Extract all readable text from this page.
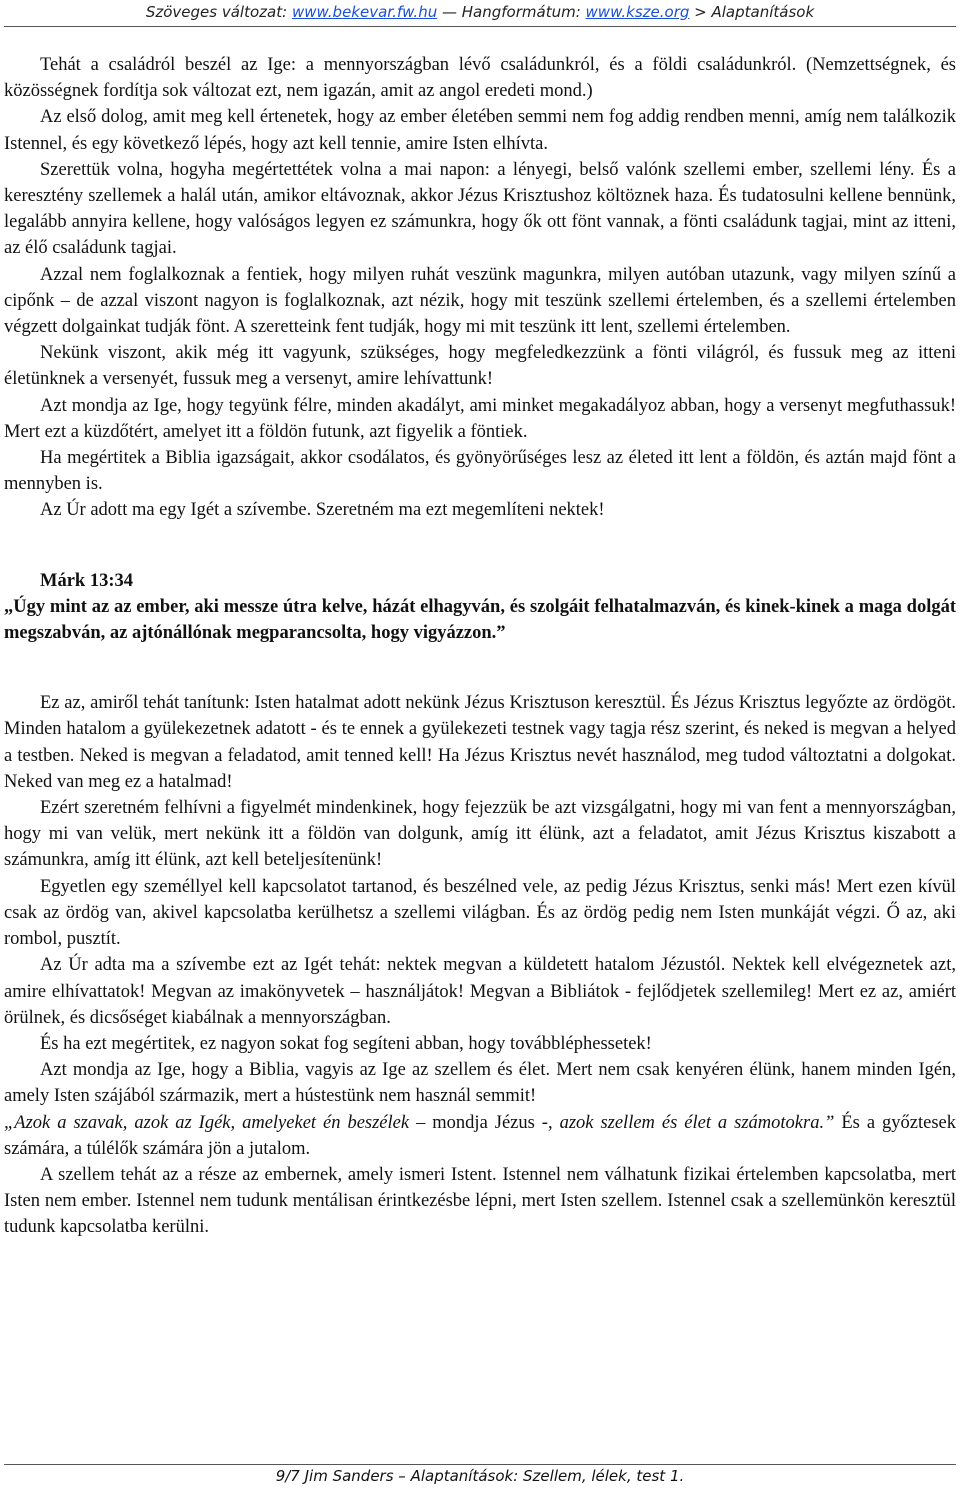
Szöveges változat: www.bekevar.fw.hu — Hangformátum: www.ksze.org > Alaptanítások

Tehát a családról beszél az Ige: a mennyországban lévő családunkról, és a földi családunkról. (Nemzettségnek, és közösségnek fordítja sok változat ezt, nem igazán, amit az angol eredeti mond.)

Az első dolog, amit meg kell értenetek, hogy az ember életében semmi nem fog addig rendben menni, amíg nem találkozik Istennel, és egy következő lépés, hogy azt kell tennie, amire Isten elhívta.

Szerettük volna, hogyha megértettétek volna a mai napon: a lényegi, belső valónk szellemi ember, szellemi lény. És a keresztény szellemek a halál után, amikor eltávoznak, akkor Jézus Krisztushoz költöznek haza. És tudatosulni kellene bennünk, legalább annyira kellene, hogy valóságos legyen ez számunkra, hogy ők ott fönt vannak, a fönti családunk tagjai, mint az itteni, az élő családunk tagjai.

Azzal nem foglalkoznak a fentiek, hogy milyen ruhát veszünk magunkra, milyen autóban utazunk, vagy milyen színű a cipőnk – de azzal viszont nagyon is foglalkoznak, azt nézik, hogy mit teszünk szellemi értelemben, és a szellemi értelemben végzett dolgainkat tudják fönt. A szeretteink fent tudják, hogy mi mit teszünk itt lent, szellemi értelemben.

Nekünk viszont, akik még itt vagyunk, szükséges, hogy megfeledkezzünk a fönti világról, és fussuk meg az itteni életünknek a versenyét, fussuk meg a versenyt, amire lehívattunk!

Azt mondja az Ige, hogy tegyünk félre, minden akadályt, ami minket megakadályoz abban, hogy a versenyt megfuthassuk! Mert ezt a küzdőtért, amelyet itt a földön futunk, azt figyelik a föntiek.

Ha megértitek a Biblia igazságait, akkor csodálatos, és gyönyörűséges lesz az életed itt lent a földön, és aztán majd fönt a mennyben is.

Az Úr adott ma egy Igét a szívembe. Szeretném ma ezt megemlíteni nektek!

Márk 13:34

„Úgy mint az az ember, aki messze útra kelve, házát elhagyván, és szolgáit felhatalmazván, és kinek-kinek a maga dolgát megszabván, az ajtónállónak megparancsolta, hogy vigyázzon.”

Ez az, amiről tehát tanítunk: Isten hatalmat adott nekünk Jézus Krisztuson keresztül. És Jézus Krisztus legyőzte az ördögöt. Minden hatalom a gyülekezetnek adatott - és te ennek a gyülekezeti testnek vagy tagja rész szerint, és neked is megvan a helyed a testben. Neked is megvan a feladatod, amit tenned kell! Ha Jézus Krisztus nevét használod, meg tudod változtatni a dolgokat. Neked van meg ez a hatalmad!

Ezért szeretném felhívni a figyelmét mindenkinek, hogy fejezzük be azt vizsgálgatni, hogy mi van fent a mennyországban, hogy mi van velük, mert nekünk itt a földön van dolgunk, amíg itt élünk, azt a feladatot, amit Jézus Krisztus kiszabott a számunkra, amíg itt élünk, azt kell beteljesítenünk!

Egyetlen egy személlyel kell kapcsolatot tartanod, és beszélned vele, az pedig Jézus Krisztus, senki más! Mert ezen kívül csak az ördög van, akivel kapcsolatba kerülhetsz a szellemi világban. És az ördög pedig nem Isten munkáját végzi. Ő az, aki rombol, pusztít.

Az Úr adta ma a szívembe ezt az Igét tehát: nektek megvan a küldetett hatalom Jézustól. Nektek kell elvégeznetek azt, amire elhívattatok! Megvan az imakönyvetek – használjátok! Megvan a Bibliátok - fejlődjetek szellemileg! Mert ez az, amiért örülnek, és dicsőséget kiabálnak a mennyországban.

És ha ezt megértitek, ez nagyon sokat fog segíteni abban, hogy továbbléphessetek!

Azt mondja az Ige, hogy a Biblia, vagyis az Ige az szellem és élet. Mert nem csak kenyéren élünk, hanem minden Igén, amely Isten szájából származik, mert a hústestünk nem használ semmit!

„Azok a szavak, azok az Igék, amelyeket én beszélek – mondja Jézus -, azok szellem és élet a számotokra.” És a győztesek számára, a túlélők számára jön a jutalom.

A szellem tehát az a része az embernek, amely ismeri Istent. Istennel nem válhatunk fizikai értelemben kapcsolatba, mert Isten nem ember. Istennel nem tudunk mentálisan érintkezésbe lépni, mert Isten szellem. Istennel csak a szellemünkön keresztül tudunk kapcsolatba kerülni.

9/7 Jim Sanders – Alaptanítások: Szellem, lélek, test 1.
